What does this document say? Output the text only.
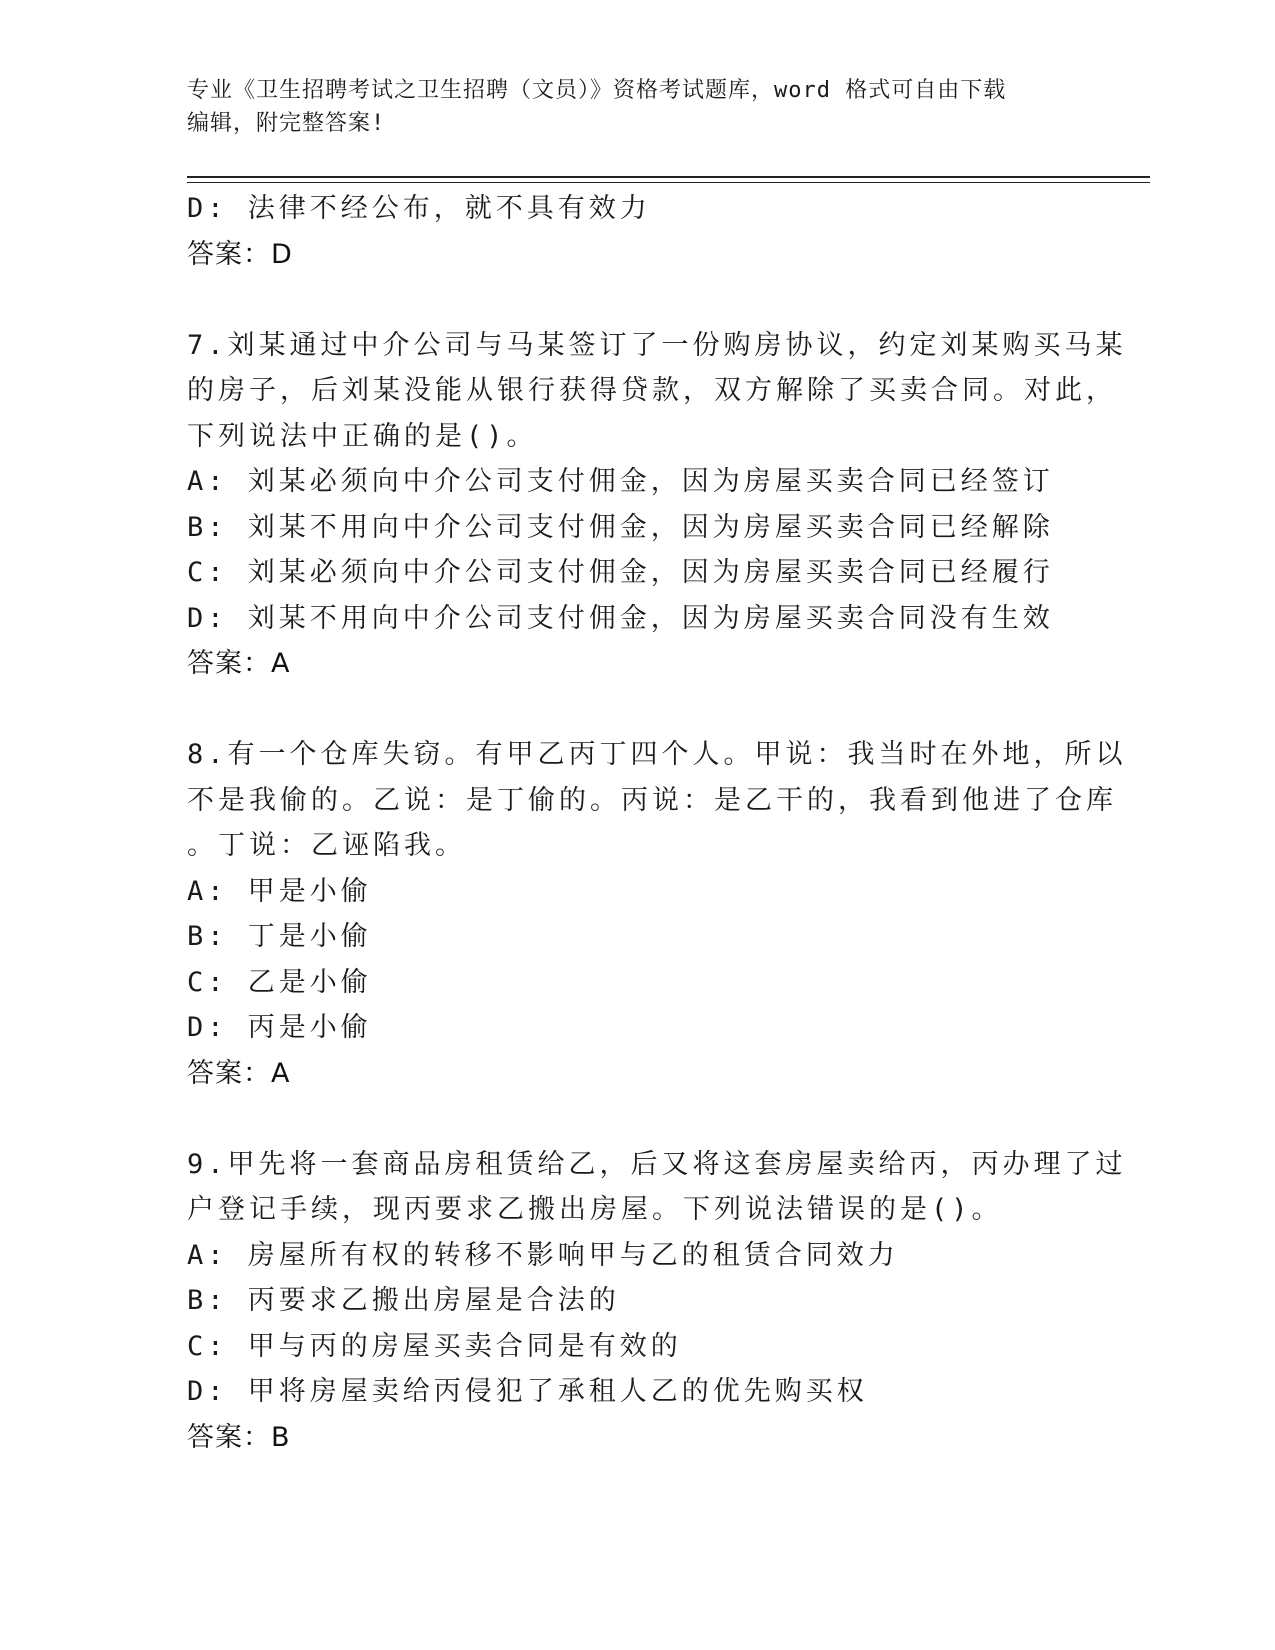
专业《卫生招聘考试之卫生招聘（文员）》资格考试题库，word 格式可自由下载
编辑，附完整答案!
D: 法律不经公布，就不具有效力
答案：D
7.刘某通过中介公司与马某签订了一份购房协议，约定刘某购买马某
的房子，后刘某没能从银行获得贷款，双方解除了买卖合同。对此，
下列说法中正确的是()。
A: 刘某必须向中介公司支付佣金，因为房屋买卖合同已经签订
B: 刘某不用向中介公司支付佣金，因为房屋买卖合同已经解除
C: 刘某必须向中介公司支付佣金，因为房屋买卖合同已经履行
D: 刘某不用向中介公司支付佣金，因为房屋买卖合同没有生效
答案：A
8.有一个仓库失窃。有甲乙丙丁四个人。甲说：我当时在外地，所以
不是我偷的。乙说：是丁偷的。丙说：是乙干的，我看到他进了仓库
。丁说：乙诬陷我。
A: 甲是小偷
B: 丁是小偷
C: 乙是小偷
D: 丙是小偷
答案：A
9.甲先将一套商品房租赁给乙，后又将这套房屋卖给丙，丙办理了过
户登记手续，现丙要求乙搬出房屋。下列说法错误的是()。
A: 房屋所有权的转移不影响甲与乙的租赁合同效力
B: 丙要求乙搬出房屋是合法的
C: 甲与丙的房屋买卖合同是有效的
D: 甲将房屋卖给丙侵犯了承租人乙的优先购买权
答案：B
